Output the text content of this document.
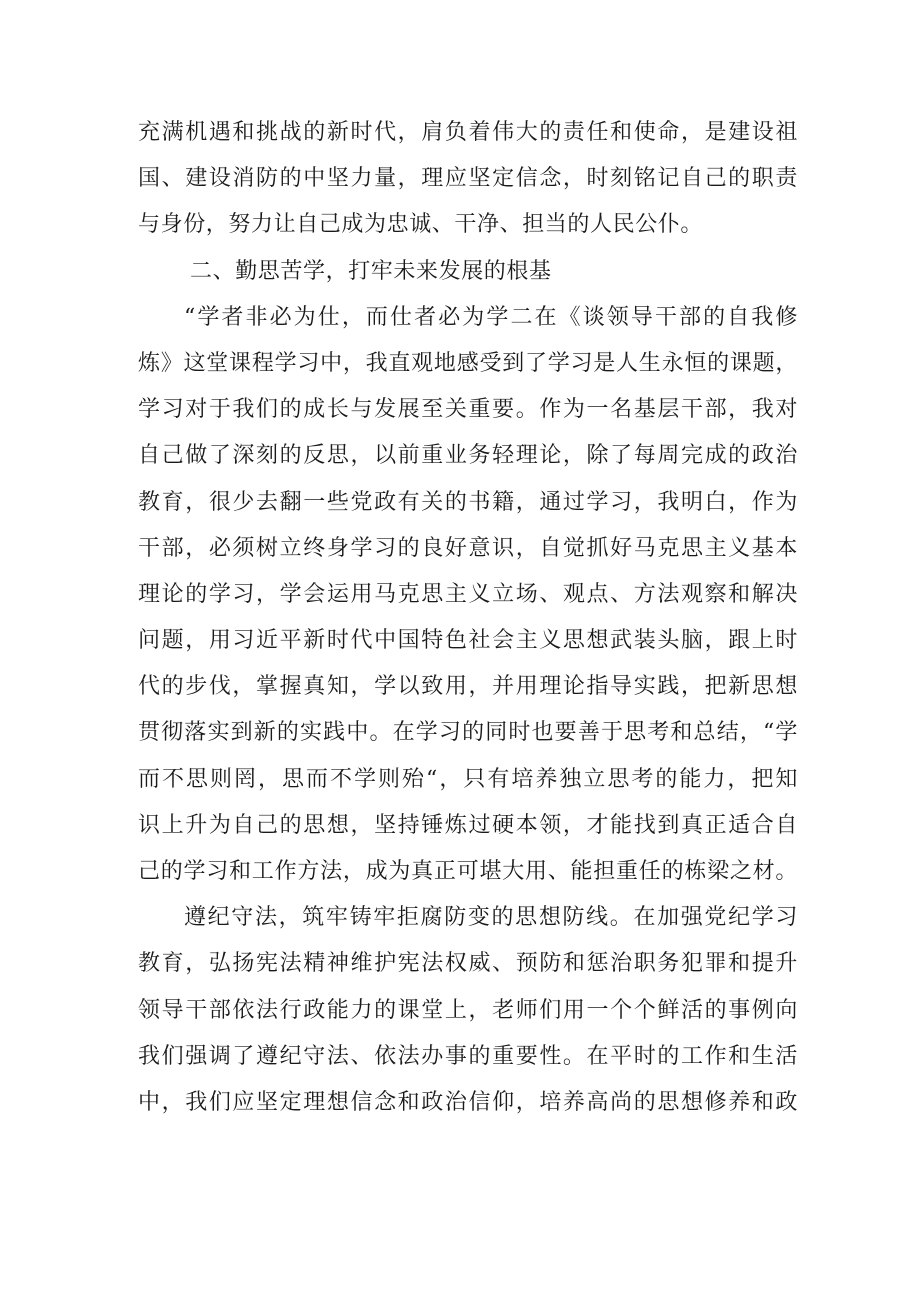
充满机遇和挑战的新时代，肩负着伟大的责任和使命，是建设祖
国、建设消防的中坚力量，理应坚定信念，时刻铭记自己的职责
与身份，努力让自己成为忠诚、干净、担当的人民公仆。
二、勤思苦学，打牢未来发展的根基
“学者非必为仕，而仕者必为学二在《谈领导干部的自我修
炼》这堂课程学习中，我直观地感受到了学习是人生永恒的课题，
学习对于我们的成长与发展至关重要。作为一名基层干部，我对
自己做了深刻的反思，以前重业务轻理论，除了每周完成的政治
教育，很少去翻一些党政有关的书籍，通过学习，我明白，作为
干部，必须树立终身学习的良好意识，自觉抓好马克思主义基本
理论的学习，学会运用马克思主义立场、观点、方法观察和解决
问题，用习近平新时代中国特色社会主义思想武装头脑，跟上时
代的步伐，掌握真知，学以致用，并用理论指导实践，把新思想
贯彻落实到新的实践中。在学习的同时也要善于思考和总结，“学
而不思则罔，思而不学则殆“，只有培养独立思考的能力，把知
识上升为自己的思想，坚持锤炼过硬本领，才能找到真正适合自
己的学习和工作方法，成为真正可堪大用、能担重任的栋梁之材。
遵纪守法，筑牢铸牢拒腐防变的思想防线。在加强党纪学习
教育，弘扬宪法精神维护宪法权威、预防和惩治职务犯罪和提升
领导干部依法行政能力的课堂上，老师们用一个个鲜活的事例向
我们强调了遵纪守法、依法办事的重要性。在平时的工作和生活
中，我们应坚定理想信念和政治信仰，培养高尚的思想修养和政
